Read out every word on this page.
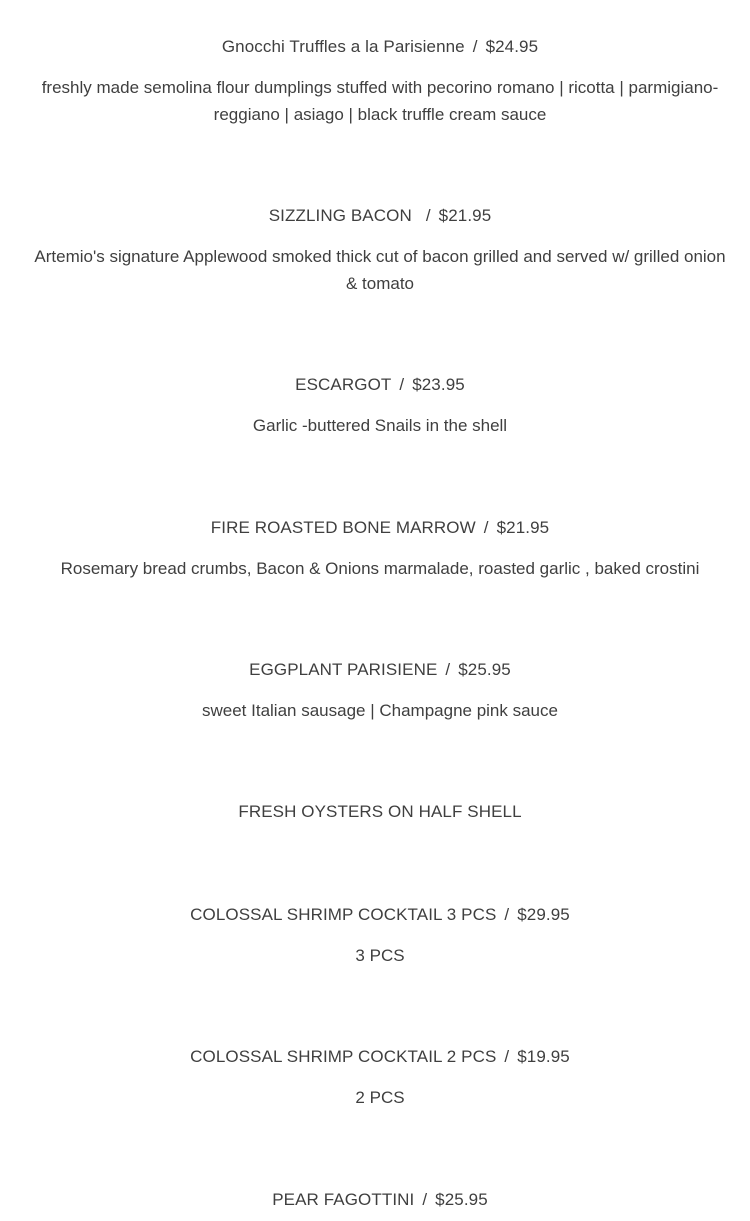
Gnocchi Truffles a la Parisienne / $24.95
freshly made semolina flour dumplings stuffed with pecorino romano | ricotta | parmigiano-reggiano | asiago | black truffle cream sauce
SIZZLING BACON / $21.95
Artemio's signature Applewood smoked thick cut of bacon grilled and served w/ grilled onion & tomato
ESCARGOT / $23.95
Garlic -buttered Snails in the shell
FIRE ROASTED BONE MARROW / $21.95
Rosemary bread crumbs, Bacon & Onions marmalade, roasted garlic , baked crostini
EGGPLANT PARISIENE / $25.95
sweet Italian sausage | Champagne pink sauce
FRESH OYSTERS ON HALF SHELL
COLOSSAL SHRIMP COCKTAIL 3 PCS / $29.95
3 PCS
COLOSSAL SHRIMP COCKTAIL 2 PCS / $19.95
2 PCS
PEAR FAGOTTINI / $25.95
